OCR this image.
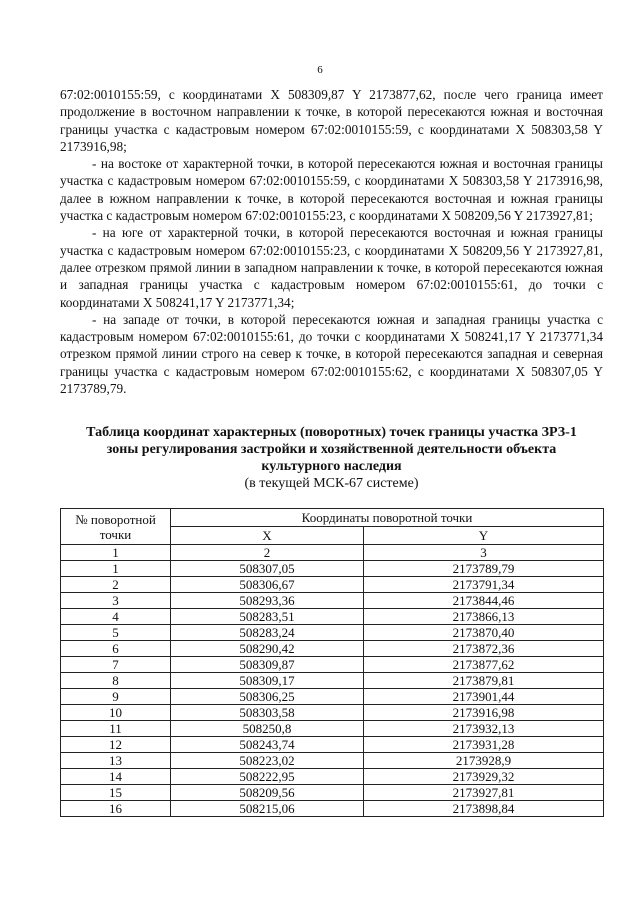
6

67:02:0010155:59, с координатами X 508309,87 Y 2173877,62, после чего граница имеет продолжение в восточном направлении к точке, в которой пересекаются южная и восточная границы участка с кадастровым номером 67:02:0010155:59, с координатами X 508303,58 Y 2173916,98;

- на востоке от характерной точки, в которой пересекаются южная и восточная границы участка с кадастровым номером 67:02:0010155:59, с координатами X 508303,58 Y 2173916,98, далее в южном направлении к точке, в которой пересекаются восточная и южная границы участка с кадастровым номером 67:02:0010155:23, с координатами X 508209,56 Y 2173927,81;

- на юге от характерной точки, в которой пересекаются восточная и южная границы участка с кадастровым номером 67:02:0010155:23, с координатами X 508209,56 Y 2173927,81, далее отрезком прямой линии в западном направлении к точке, в которой пересекаются южная и западная границы участка с кадастровым номером 67:02:0010155:61, до точки с координатами X 508241,17 Y 2173771,34;

- на западе от точки, в которой пересекаются южная и западная границы участка с кадастровым номером 67:02:0010155:61, до точки с координатами X 508241,17 Y 2173771,34 отрезком прямой линии строго на север к точке, в которой пересекаются западная и северная границы участка с кадастровым номером 67:02:0010155:62, с координатами X 508307,05 Y 2173789,79.

Таблица координат характерных (поворотных) точек границы участка ЗРЗ-1
зоны регулирования застройки и хозяйственной деятельности объекта
культурного наследия
(в текущей МСК-67 системе)
№ поворотной точки	Координаты поворотной точки	
	X	Y
1	2	3
1	508307,05	2173789,79
2	508306,67	2173791,34
3	508293,36	2173844,46
4	508283,51	2173866,13
5	508283,24	2173870,40
6	508290,42	2173872,36
7	508309,87	2173877,62
8	508309,17	2173879,81
9	508306,25	2173901,44
10	508303,58	2173916,98
11	508250,8	2173932,13
12	508243,74	2173931,28
13	508223,02	2173928,9
14	508222,95	2173929,32
15	508209,56	2173927,81
16	508215,06	2173898,84
